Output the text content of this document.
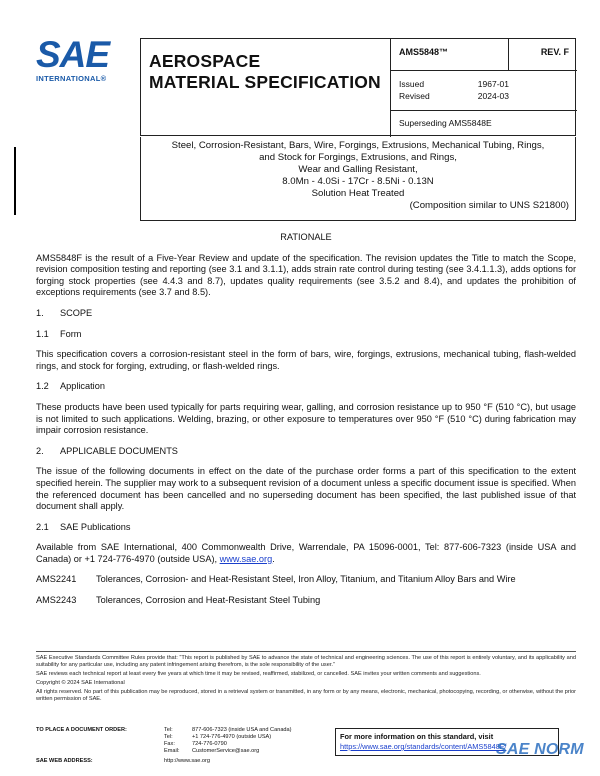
SAE
INTERNATIONAL®
AEROSPACE
MATERIAL SPECIFICATION
AMS5848™	REV. F
Issued	1967-01
Revised	2024-03
Superseding AMS5848E
Steel, Corrosion-Resistant, Bars, Wire, Forgings, Extrusions, Mechanical Tubing, Rings,
and Stock for Forgings, Extrusions, and Rings,
Wear and Galling Resistant,
8.0Mn - 4.0Si - 17Cr - 8.5Ni - 0.13N
Solution Heat Treated
(Composition similar to UNS S21800)
RATIONALE

AMS5848F is the result of a Five-Year Review and update of the specification. The revision updates the Title to match the Scope, revision composition testing and reporting (see 3.1 and 3.1.1), adds strain rate control during testing (see 3.4.1.1.3), adds options for forging stock properties (see 4.4.3 and 8.7), updates quality requirements (see 3.5.2 and 8.4), and updates the prohibition of exceptions requirements (see 3.7 and 8.5).

1. SCOPE
1.1 Form

This specification covers a corrosion-resistant steel in the form of bars, wire, forgings, extrusions, mechanical tubing, flash-welded rings, and stock for forging, extruding, or flash-welded rings.

1.2 Application

These products have been used typically for parts requiring wear, galling, and corrosion resistance up to 950 °F (510 °C), but usage is not limited to such applications. Welding, brazing, or other exposure to temperatures over 950 °F (510 °C) during fabrication may impair corrosion resistance.

2. APPLICABLE DOCUMENTS

The issue of the following documents in effect on the date of the purchase order forms a part of this specification to the extent specified herein. The supplier may work to a subsequent revision of a document unless a specific document issue is specified. When the referenced document has been cancelled and no superseding document has been specified, the last published issue of that document shall apply.

2.1 SAE Publications

Available from SAE International, 400 Commonwealth Drive, Warrendale, PA 15096-0001, Tel: 877-606-7323 (inside USA and Canada) or +1 724-776-4970 (outside USA), www.sae.org.

AMS2241	Tolerances, Corrosion- and Heat-Resistant Steel, Iron Alloy, Titanium, and Titanium Alloy Bars and Wire
AMS2243	Tolerances, Corrosion and Heat-Resistant Steel Tubing

SAE Executive Standards Committee Rules provide that: “This report is published by SAE to advance the state of technical and engineering sciences. The use of this report is entirely voluntary, and its applicability and suitability for any particular use, including any patent infringement arising therefrom, is the sole responsibility of the user.”

SAE reviews each technical report at least every five years at which time it may be revised, reaffirmed, stabilized, or cancelled. SAE invites your written comments and suggestions.

Copyright © 2024 SAE International

All rights reserved. No part of this publication may be reproduced, stored in a retrieval system or transmitted, in any form or by any means, electronic, mechanical, photocopying, recording, or otherwise, without the prior written permission of SAE.

TO PLACE A DOCUMENT ORDER:	Tel:	877-606-7323 (inside USA and Canada)
Tel:	+1 724-776-4970 (outside USA)
Fax:	724-776-0790
Email:	CustomerService@sae.org
SAE WEB ADDRESS:	http: //www.sae.org
For more information on this standard, visit
https://www.sae.org/standards/content/AMS5848F/
SAE NORM
